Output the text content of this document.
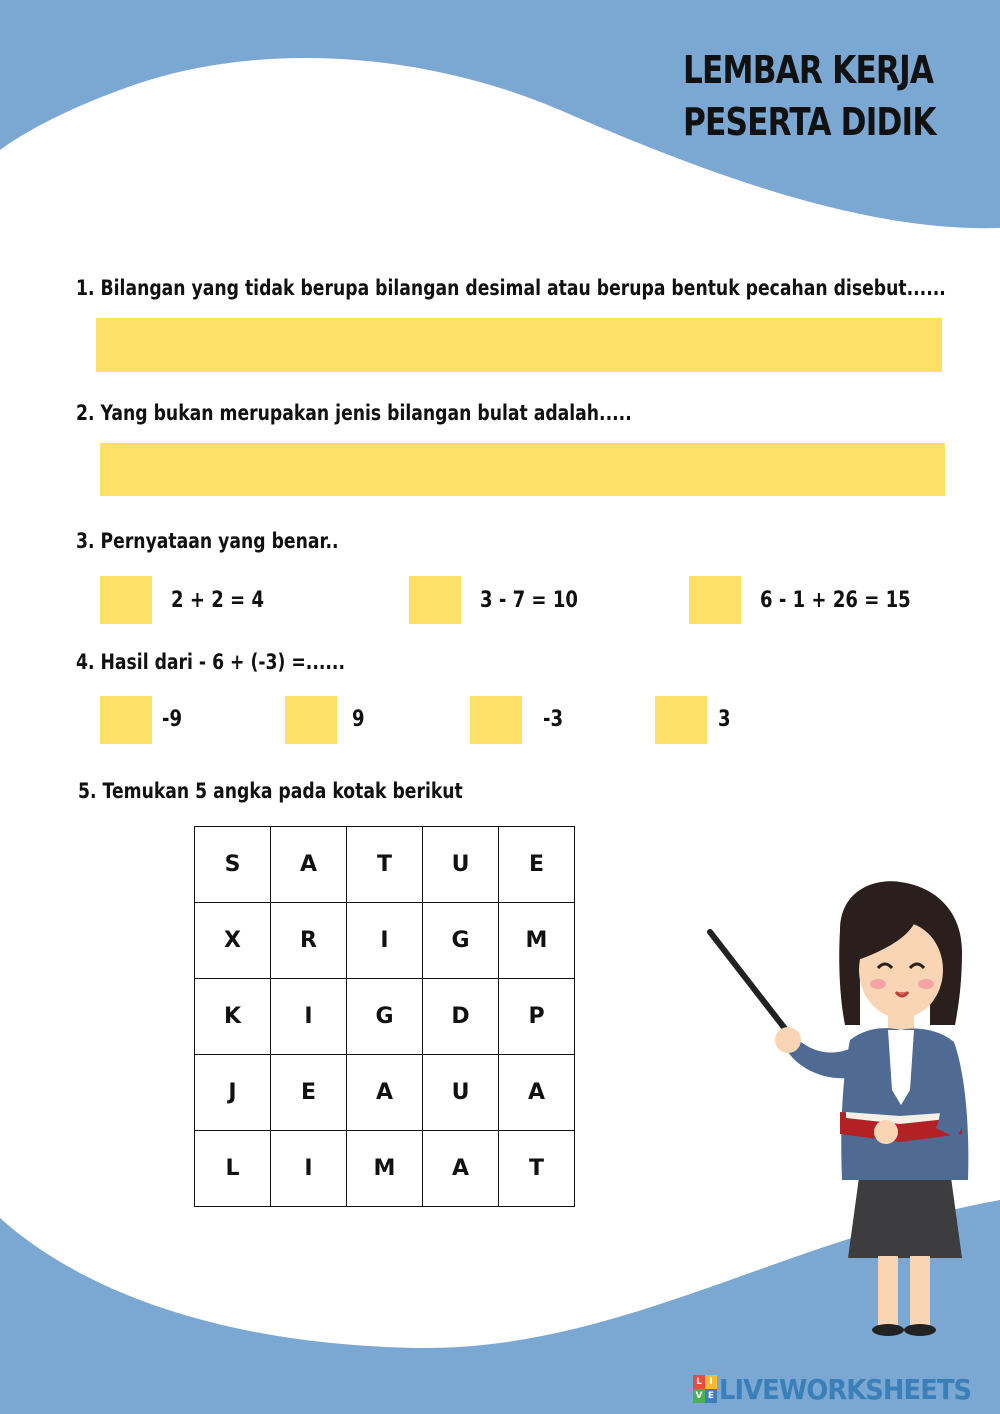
LEMBAR KERJA
PESERTA DIDIK
1. Bilangan yang tidak berupa bilangan desimal atau berupa bentuk pecahan disebut......
2. Yang bukan merupakan jenis bilangan bulat adalah.....
3. Pernyataan yang benar..
2 + 2 = 4	3 - 7 = 10	6 - 1 + 26 = 15
4. Hasil dari - 6 + (-3) =......
-9	9	-3	3
5. Temukan 5 angka pada kotak berikut
S	A	T	U	E
X	R	I	G	M
K	I	G	D	P
J	E	A	U	A
L	I	M	A	T
L I
V E LIVEWORKSHEETS
